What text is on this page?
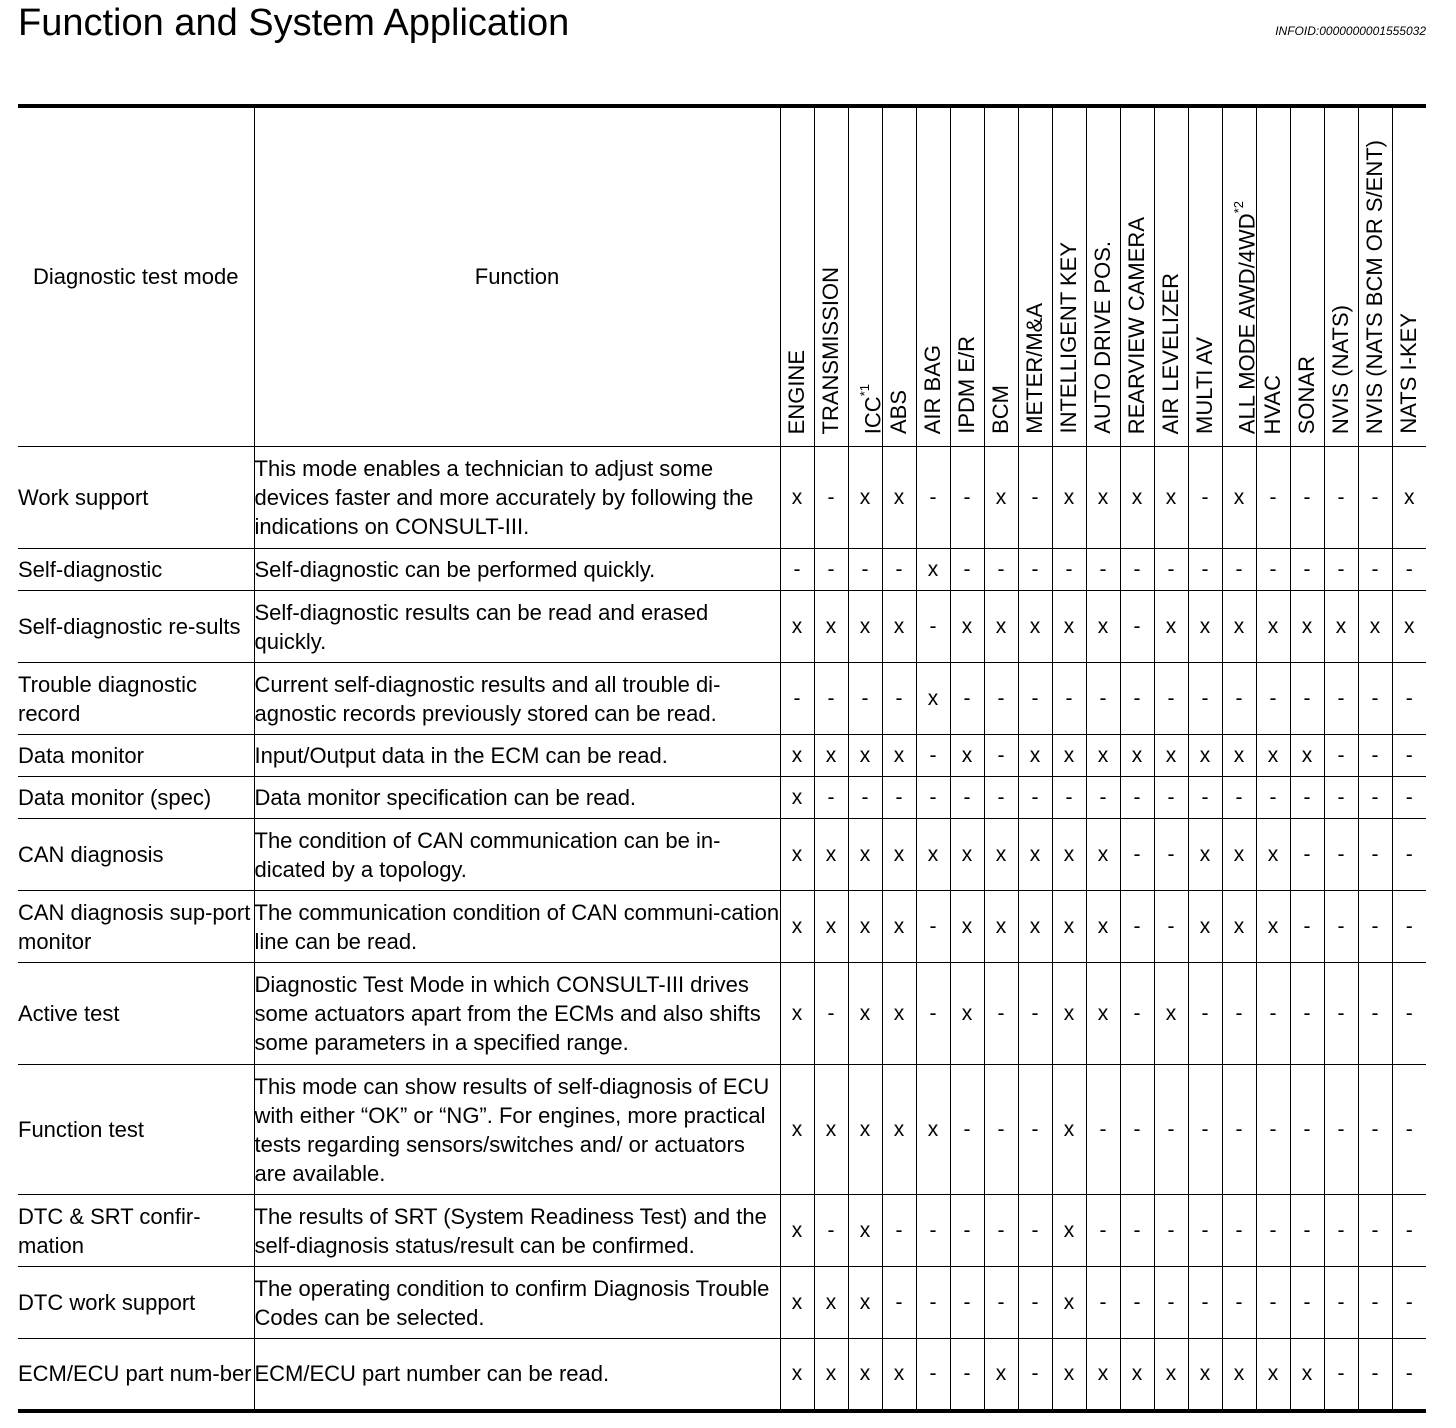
Function and System Application	INFOID:0000000001555032
Diagnostic test mode	Function	ENGINE	TRANSMISSION	ICC$^{*1}$	ABS	AIR BAG	IPDM E/R	BCM	METER/M&A	INTELLIGENT KEY	AUTO DRIVE POS.	REARVIEW CAMERA	AIR LEVELIZER	MULTI AV	ALL MODE AWD/4WD$^{*2}$	HVAC	SONAR	NVIS (NATS)	NVIS (NATS BCM OR S/ENT)	NATS I-KEY

Work support	This mode enables a technician to adjust some devices faster and more accurately by following the indications on CONSULT-III.	x	-	x	x	-	-	x	-	x	x	x	x	-	x	-	-	-	-	x
Self-diagnostic	Self-diagnostic can be performed quickly.	-	-	-	-	x	-	-	-	-	-	-	-	-	-	-	-	-	-	-
Self-diagnostic re-sults	Self-diagnostic results can be read and erased quickly.	x	x	x	x	-	x	x	x	x	x	-	x	x	x	x	x	x	x	x
Trouble diagnostic record	Current self-diagnostic results and all trouble di-agnostic records previously stored can be read.	-	-	-	-	x	-	-	-	-	-	-	-	-	-	-	-	-	-	-
Data monitor	Input/Output data in the ECM can be read.	x	x	x	x	-	x	-	x	x	x	x	x	x	x	x	x	-	-	-
Data monitor (spec)	Data monitor specification can be read.	x	-	-	-	-	-	-	-	-	-	-	-	-	-	-	-	-	-	-
CAN diagnosis	The condition of CAN communication can be in-dicated by a topology.	x	x	x	x	x	x	x	x	x	x	-	-	x	x	x	-	-	-	-
CAN diagnosis sup-port monitor	The communication condition of CAN communi-cation line can be read.	x	x	x	x	-	x	x	x	x	x	-	-	x	x	x	-	-	-	-
Active test	Diagnostic Test Mode in which CONSULT-III drives some actuators apart from the ECMs and also shifts some parameters in a specified range.	x	-	x	x	-	x	-	-	x	x	-	x	-	-	-	-	-	-	-
Function test	This mode can show results of self-diagnosis of ECU with either “OK” or “NG”. For engines, more practical tests regarding sensors/switches and/ or actuators are available.	x	x	x	x	x	-	-	-	x	-	-	-	-	-	-	-	-	-	-
DTC & SRT confir-mation	The results of SRT (System Readiness Test) and the self-diagnosis status/result can be confirmed.	x	-	x	-	-	-	-	-	x	-	-	-	-	-	-	-	-	-	-
DTC work support	The operating condition to confirm Diagnosis Trouble Codes can be selected.	x	x	x	-	-	-	-	-	x	-	-	-	-	-	-	-	-	-	-
ECM/ECU part num-ber	ECM/ECU part number can be read.	x	x	x	x	-	-	x	-	x	x	x	x	x	x	x	x	-	-	-
